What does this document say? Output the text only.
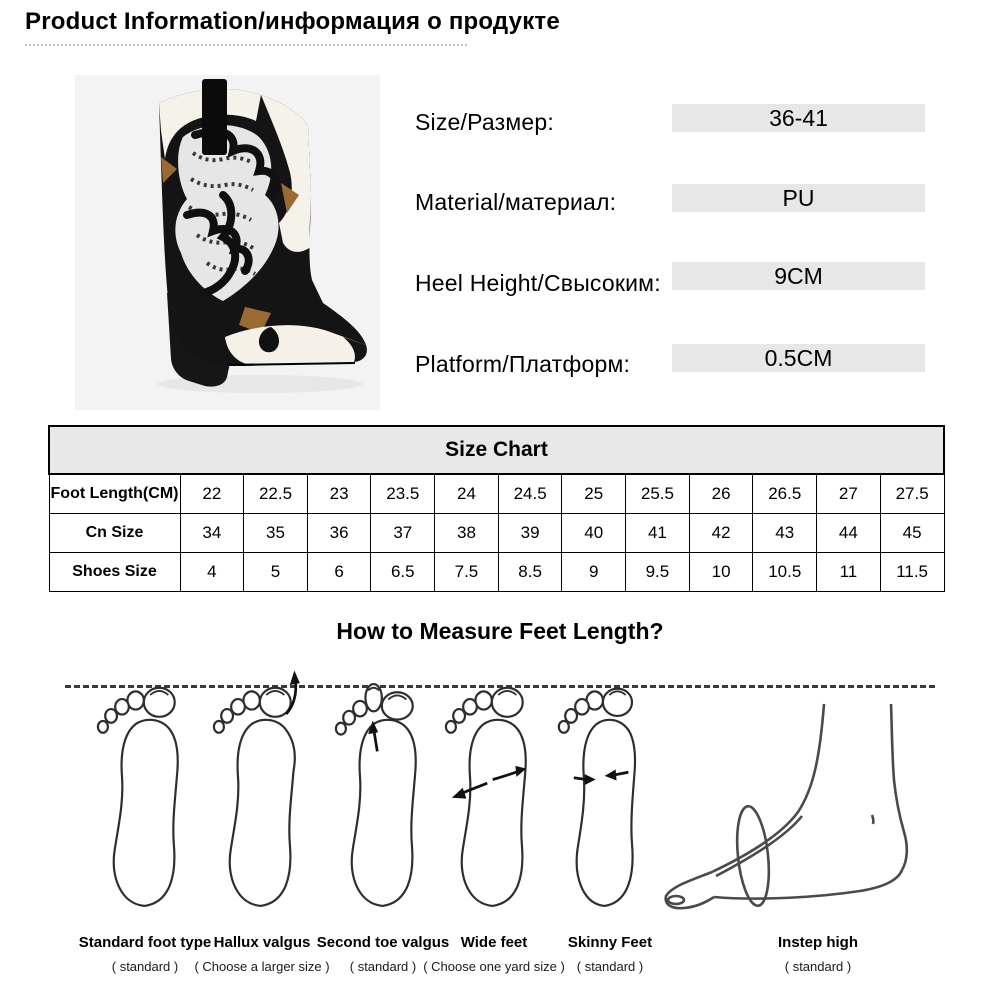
Product Information/информация о продукте
Size/Размер:	36-41
Material/материал:	PU
Heel Height/Свысоким:	9CM
Platform/Платформ:	0.5CM
Size Chart												
Foot Length(CM)	22	22.5	23	23.5	24	24.5	25	25.5	26	26.5	27	27.5
Cn Size	34	35	36	37	38	39	40	41	42	43	44	45
Shoes Size	4	5	6	6.5	7.5	8.5	9	9.5	10	10.5	11	11.5
How to Measure Feet Length?
Standard foot type
( standard )
Hallux valgus
( Choose a larger size )
Second toe valgus
( standard )
Wide feet
( Choose one yard size )
Skinny Feet
( standard )
Instep high
( standard )
